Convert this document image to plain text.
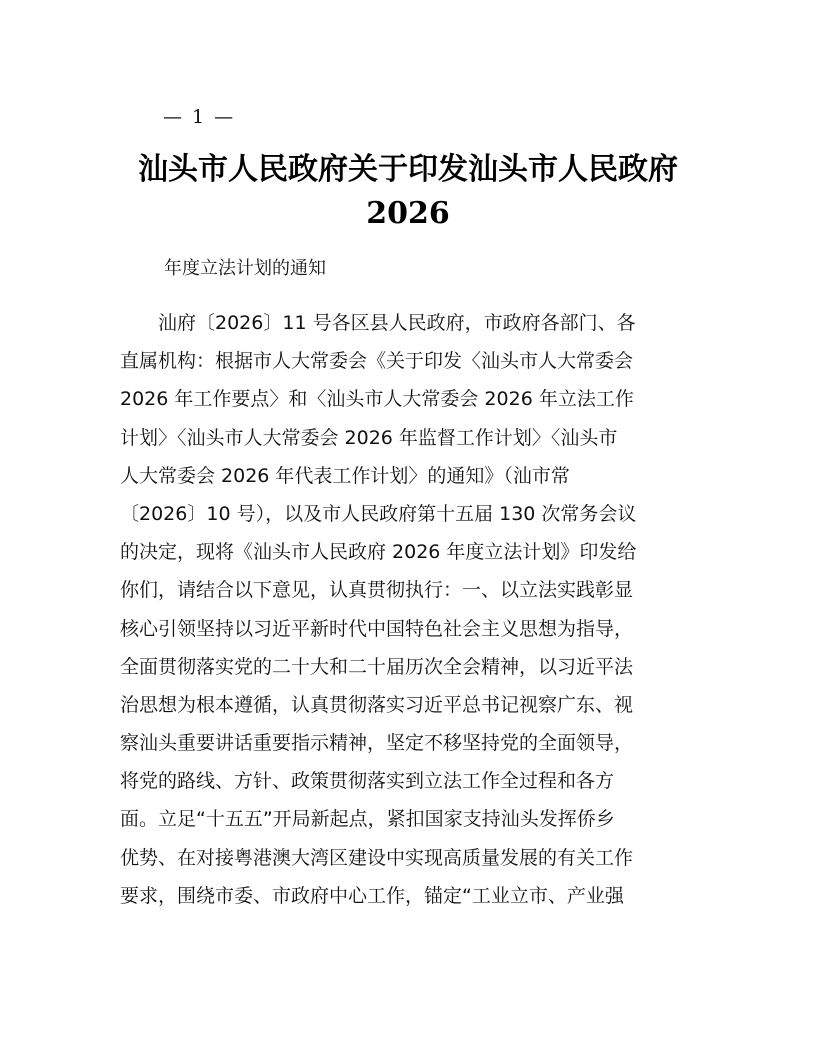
— 1 —
汕头市人民政府关于印发汕头市人民政府
2026

年度立法计划的通知

　　汕府〔2026〕11 号各区县人民政府，市政府各部门、各
直属机构：根据市人大常委会《关于印发〈汕头市人大常委会
2026 年工作要点〉和〈汕头市人大常委会 2026 年立法工作
计划〉〈汕头市人大常委会 2026 年监督工作计划〉〈汕头市
人大常委会 2026 年代表工作计划〉的通知》（汕市常
〔2026〕10 号），以及市人民政府第十五届 130 次常务会议
的决定，现将《汕头市人民政府 2026 年度立法计划》印发给
你们，请结合以下意见，认真贯彻执行：一、以立法实践彰显
核心引领坚持以习近平新时代中国特色社会主义思想为指导，
全面贯彻落实党的二十大和二十届历次全会精神，以习近平法
治思想为根本遵循，认真贯彻落实习近平总书记视察广东、视
察汕头重要讲话重要指示精神，坚定不移坚持党的全面领导，
将党的路线、方针、政策贯彻落实到立法工作全过程和各方
面。立足“十五五”开局新起点，紧扣国家支持汕头发挥侨乡
优势、在对接粤港澳大湾区建设中实现高质量发展的有关工作
要求，围绕市委、市政府中心工作，锚定“工业立市、产业强
